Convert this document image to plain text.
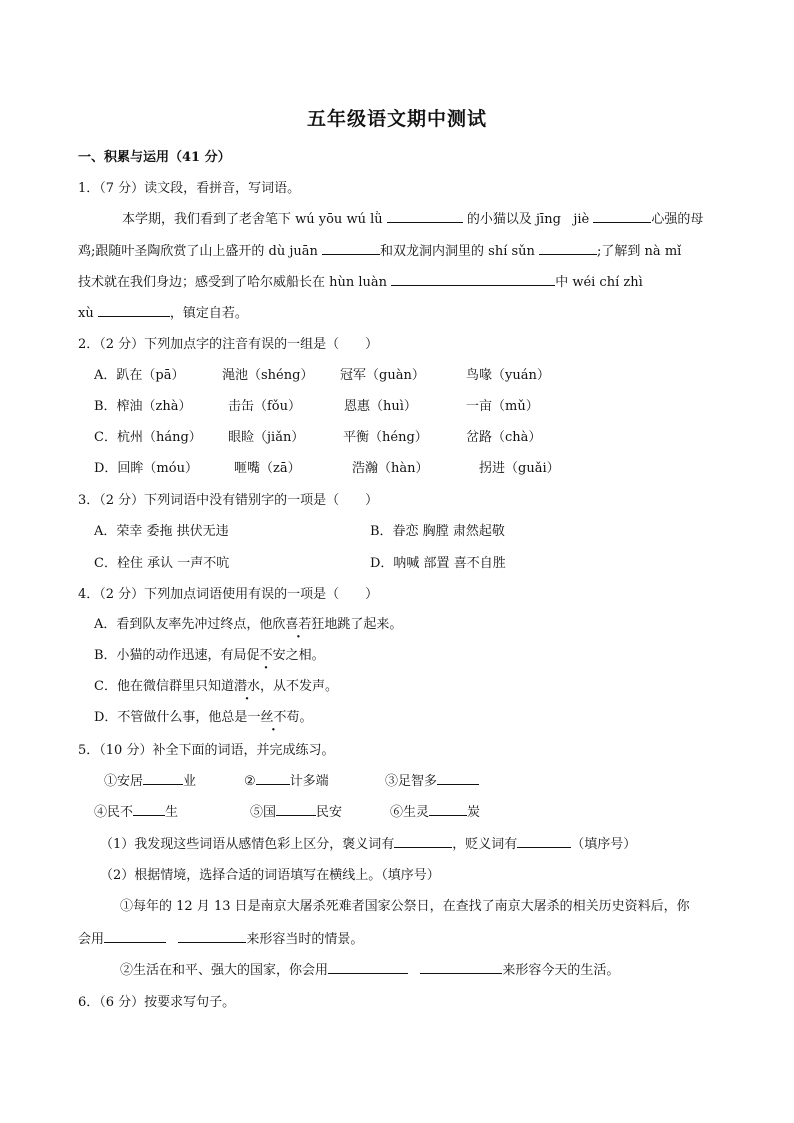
五年级语文期中测试
一、积累与运用（41 分）
1．（7 分）读文段，看拼音，写词语。
本学期，我们看到了老舍笔下 wú yōu wú lǜ	的小猫以及 jīng jiè	心强的母
鸡;跟随叶圣陶欣赏了山上盛开的 dù juān	和双龙洞内洞里的 shí sǔn	;了解到 nà mǐ
技术就在我们身边；感受到了哈尔威船长在 hùn luàn	中 wéi chí zhì
xù	，镇定自若。
2．（2 分）下列加点字的注音有误的一组是（　　）
A．趴在（pā）	渑池（shéng） 冠军（guàn）	鸟喙（yuán）
B．榨油（zhà）	击缶（fǒu）	恩惠（huì）	一亩（mǔ）
C．杭州（háng） 眼睑（jiǎn）	平衡（héng）	岔路（chà）
D．回眸（móu）	咂嘴（zā）	浩瀚（hàn）	拐进（guǎi）
3．（2 分）下列词语中没有错别字的一项是（　　）
A．荣幸 委拖 拱伏无违	B．眷恋 胸膛 肃然起敬
C．栓住 承认 一声不吭	D．呐喊 部置 喜不自胜
4．（2 分）下列加点词语使用有误的一项是（　　）
A．看到队友率先冲过终点，他欣喜若狂地跳了起来。
B．小猫的动作迅速，有局促不安之相。
C．他在微信群里只知道潜水，从不发声。
D．不管做什么事，他总是一丝不苟。
5．（10 分）补全下面的词语，并完成练习。
①安居	业	②	计多端	③足智多
④民不 生	⑤国	民安	⑥生灵	炭
（1）我发现这些词语从感情色彩上区分，褒义词有	，贬义词有	（填序号）
（2）根据情境，选择合适的词语填写在横线上。（填序号）
①每年的 12 月 13 日是南京大屠杀死难者国家公祭日，在查找了南京大屠杀的相关历史资料后，你
会用	来形容当时的情景。
②生活在和平、强大的国家，你会用	来形容今天的生活。
6．（6 分）按要求写句子。
